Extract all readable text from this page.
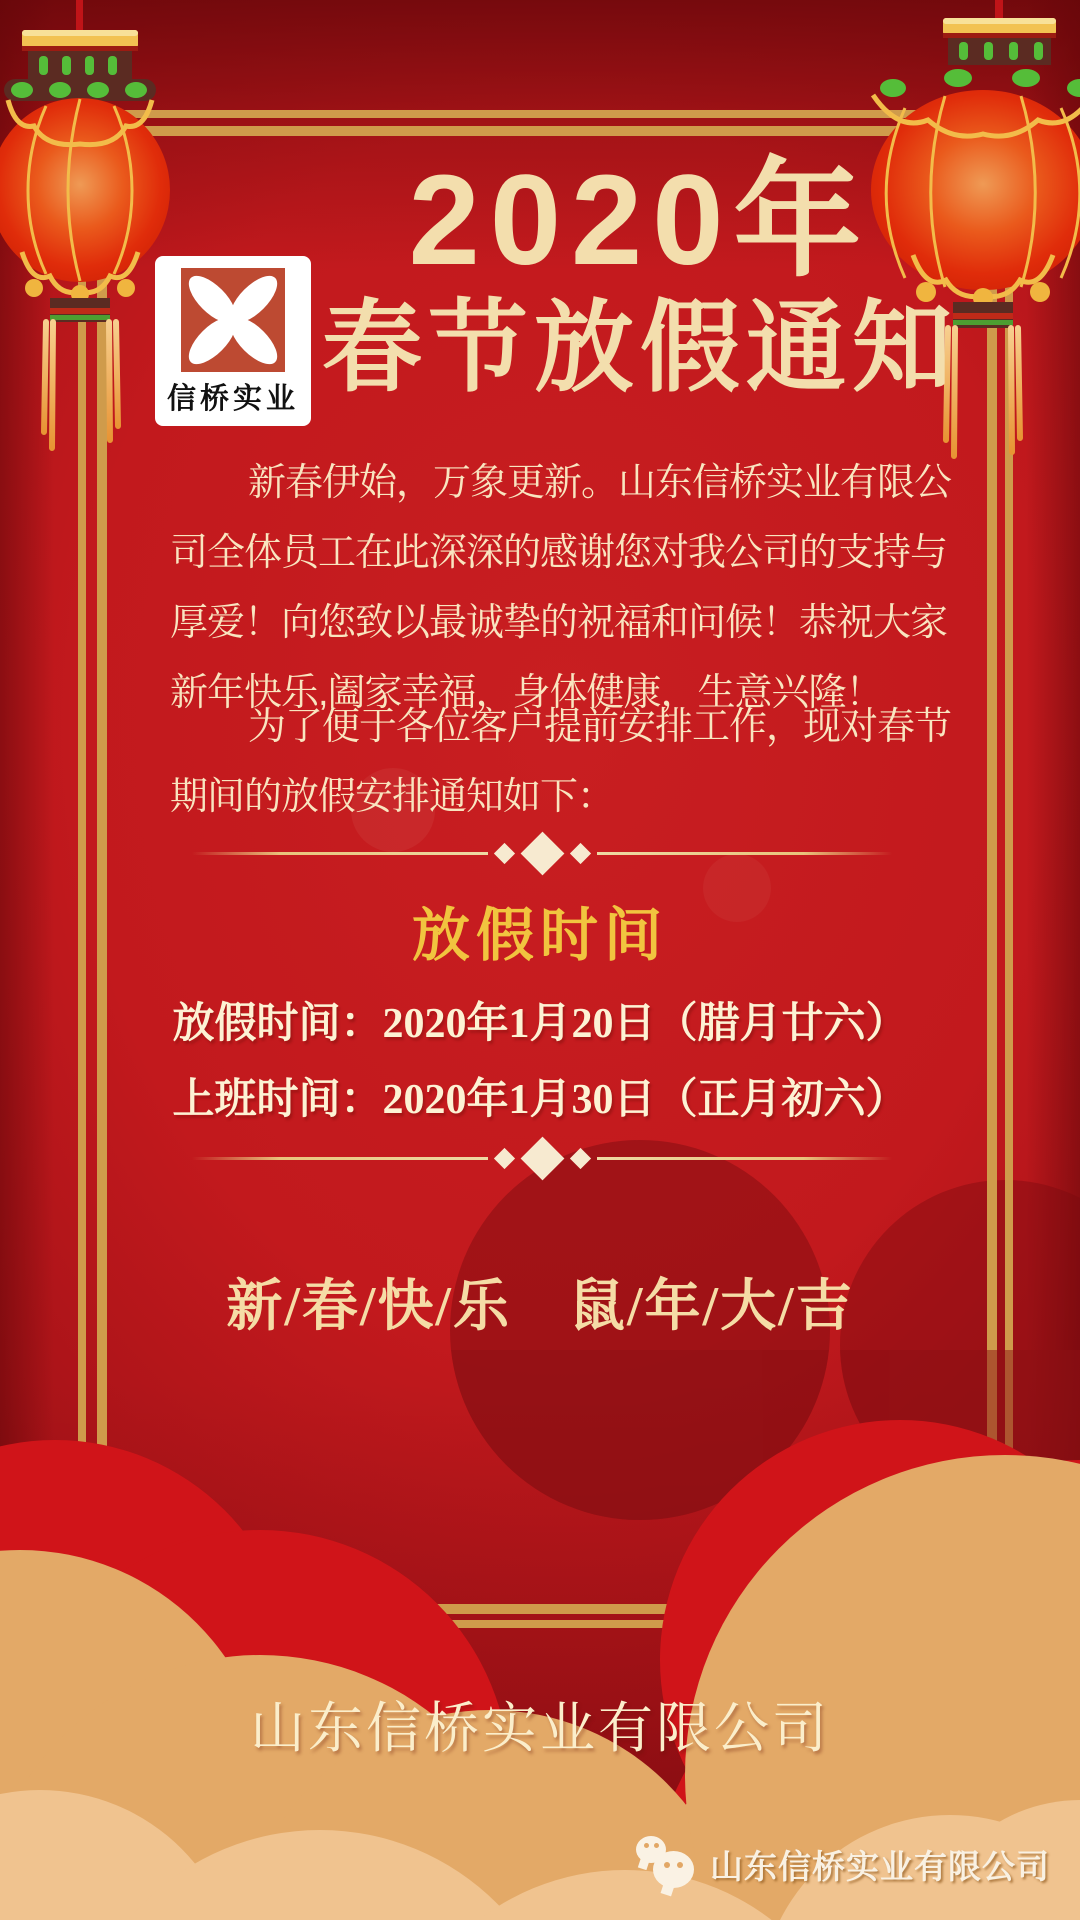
信桥实业
2020年
春节放假通知
新春伊始，万象更新。山东信桥实业有限公
司全体员工在此深深的感谢您对我公司的支持与
厚爱！向您致以最诚挚的祝福和问候！恭祝大家
新年快乐,阖家幸福，身体健康，生意兴隆！
为了便于各位客户提前安排工作，现对春节
期间的放假安排通知如下：
放假时间
放假时间：2020年1月20日（腊月廿六）
上班时间：2020年1月30日（正月初六）
新/春/快/乐　鼠/年/大/吉
山东信桥实业有限公司
山东信桥实业有限公司
